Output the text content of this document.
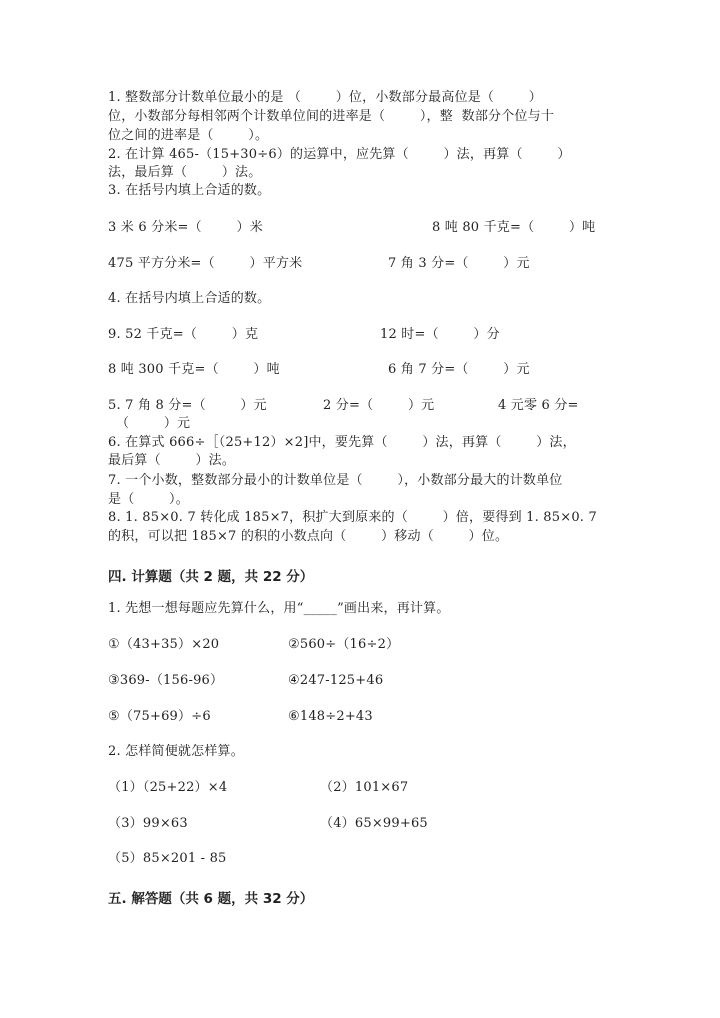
1. 整数部分计数单位最小的是 （        ）位，小数部分最高位是（        ）
位，小数部分每相邻两个计数单位间的进率是（        ），整  数部分个位与十
位之间的进率是（        ）。
2. 在计算 465-（15+30÷6）的运算中，应先算（        ）法，再算（        ）
法，最后算（        ）法。
3. 在括号内填上合适的数。
3 米 6 分米=（        ）米	8 吨 80 千克=（        ）吨
475 平方分米=（        ）平方米	7 角 3 分=（        ）元
4. 在括号内填上合适的数。
9. 52 千克=（        ）克	12 时=（        ）分
8 吨 300 千克=（        ）吨	6 角 7 分=（        ）元
5. 7 角 8 分=（        ）元	2 分=（        ）元	4 元零 6 分=
（        ）元
6. 在算式 666÷［（25+12）×2]中，要先算（        ）法，再算（        ）法，
最后算（        ）法。
7. 一个小数，整数部分最小的计数单位是（        ），小数部分最大的计数单位
是（        ）。
8. 1. 85×0. 7 转化成 185×7，积扩大到原来的（        ）倍，要得到 1. 85×0. 7
的积，可以把 185×7 的积的小数点向（        ）移动（        ）位。
四. 计算题（共 2 题，共 22 分）
1. 先想一想每题应先算什么，用“_____”画出来，再计算。
①（43+35）×20	②560÷（16÷2）
③369-（156-96）	④247-125+46
⑤（75+69）÷6	⑥148÷2+43
2. 怎样简便就怎样算。
（1）（25+22）×4	（2）101×67
（3）99×63	（4）65×99+65
（5）85×201 - 85
五. 解答题（共 6 题，共 32 分）
